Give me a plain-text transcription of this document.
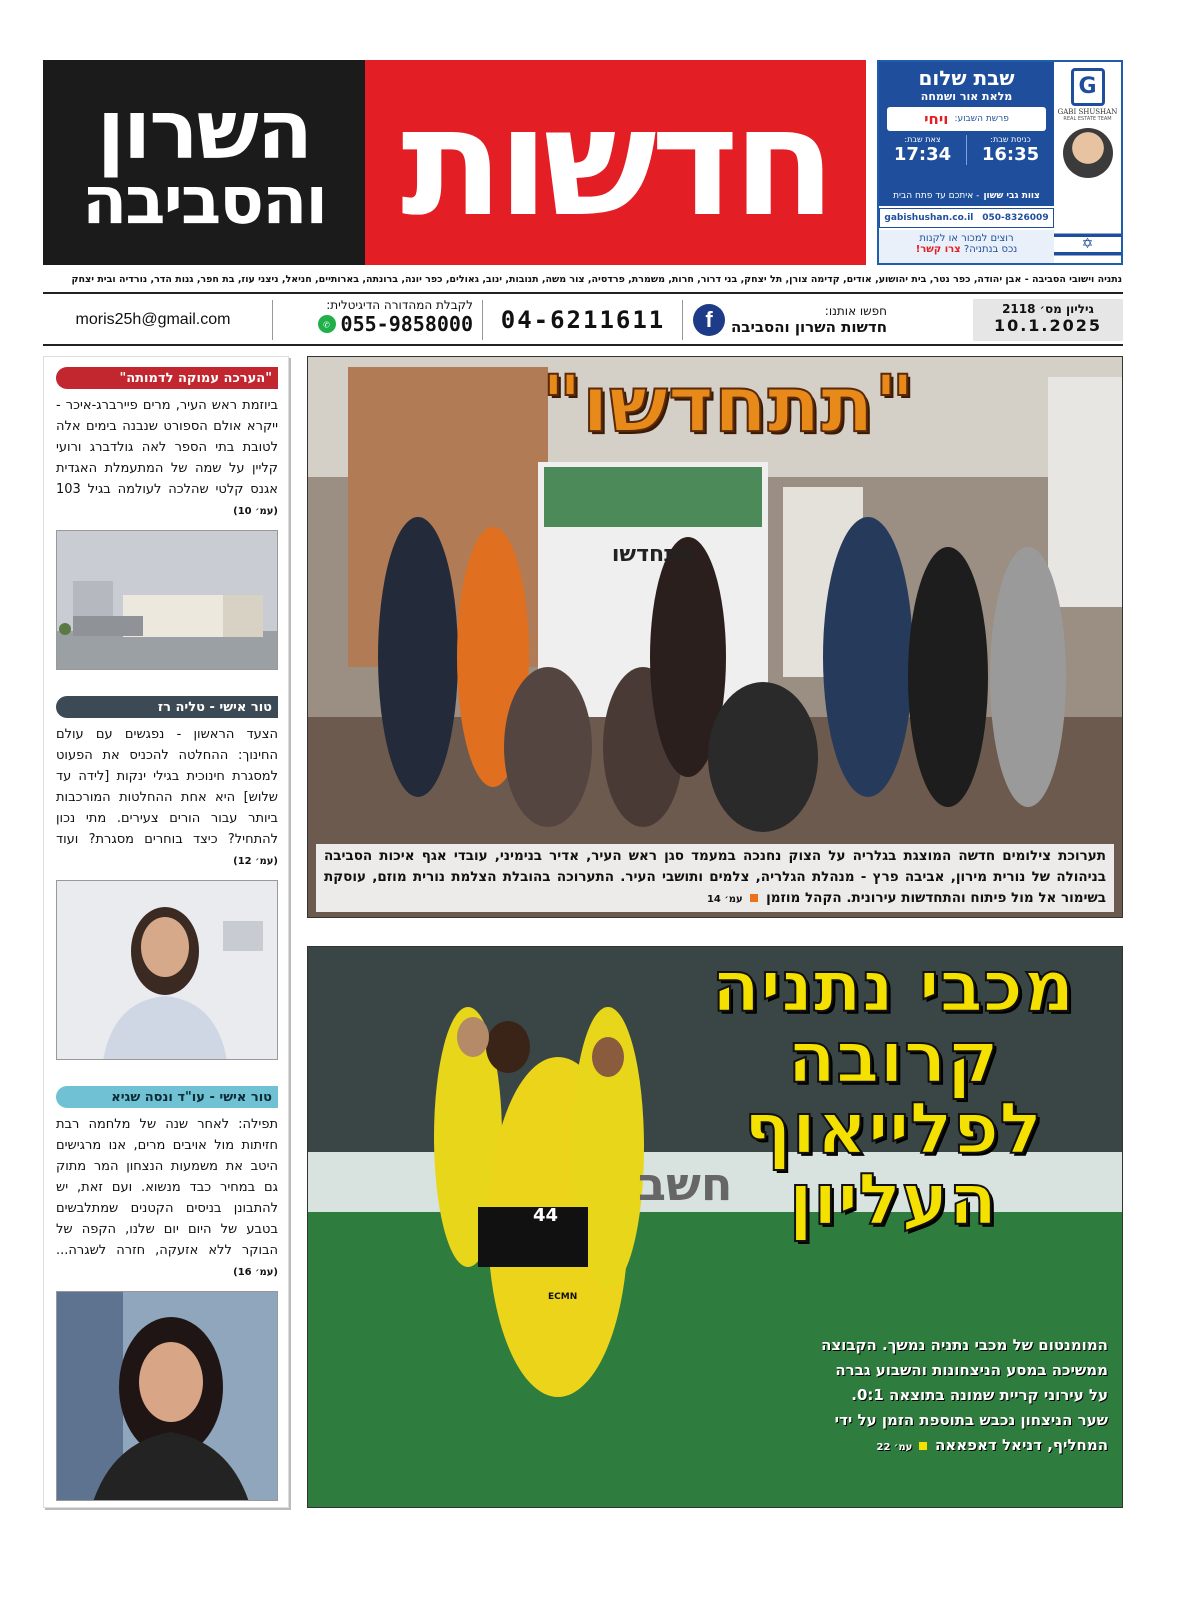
השרון
והסביבה חדשות	שבת שלום
מלאת אור ושמחה
פרשת השבוע:
ויחי
כניסת שבת:
16:35
צאת שבת:
17:34
G
GABI SHUSHAN
REAL ESTATE TEAM
צוות גבי ששון
- איתכם עד פתח הבית
gabishushan.co.il 050-8326009
רוצים למכור או לקנות
נכס בנתניה? צרו קשר!	✡
נתניה וישובי הסביבה - אבן יהודה, כפר נטר, בית יהושוע, אודים, קדימה צורן, תל יצחק, בני דרור, חרות, משמרת, פרדסיה, צור משה, תנובות, ינוב, גאולים, כפר יונה, ברונתה, בארותיים, חניאל, ניצני עוז, בת חפר, גנות הדר, נורדיה ובית יצחק
גיליון מס׳ 2118
10.1.2025
חפשו אותנו:
חדשות השרון והסביבה
f
04-6211611
לקבלת המהדורה הדיגיטלית:
✆ 055-9858000
moris25h@gmail.com
"הערכה עמוקה לדמותה"
ביוזמת ראש העיר, מרים פיירברג-איכר - ייקרא אולם הספורט שנבנה בימים אלה לטובת בתי הספר לאה גולדברג ורועי קליין על שמה של המתעמלת האגדית אגנס קלטי שהלכה לעולמה בגיל 103 (עמ׳ 10)
טור אישי - טליה רז
הצעד הראשון - נפגשים עם עולם החינוך: ההחלטה להכניס את הפעוט למסגרת חינוכית בגילי ינקות [לידה עד שלוש] היא אחת ההחלטות המורכבות ביותר עבור הורים צעירים. מתי נכון להתחיל? כיצד בוחרים מסגרת? ועוד (עמ׳ 12)
טור אישי - עו"ד ונסה שגיא
תפילה: לאחר שנה של מלחמה רבת חזיתות מול אויבים מרים, אנו מרגישים היטב את משמעות הנצחון המר מתוק גם במחיר כבד מנשוא. ועם זאת, יש להתבונן בניסים הקטנים שמתלבשים בטבע של היום יום שלנו, הקפה של הבוקר ללא אזעקה, חזרה לשגרה... (עמ׳ 16)
"תתחדשו"
תתחדשו
תערוכת צילומים חדשה המוצגת בגלריה על הצוק נחנכה במעמד סגן ראש העיר, אדיר בנימיני, עובדי אגף איכות הסביבה בניהולה של נורית מירון, אביבה פרץ - מנהלת הגלריה, צלמים ותושבי העיר. התערוכה בהובלת הצלמת נורית מוזם, עוסקת בשימור אל מול פיתוח והתחדשות עירונית. הקהל מוזמן  עמ׳ 14
44
ECMN
חשב
מכבי נתניה
קרובה
לפלייאוף
העליון
המומנטום של מכבי נתניה נמשך. הקבוצה ממשיכה במסע הניצחונות והשבוע גברה על עירוני קריית שמונה בתוצאה 0:1. שער הניצחון נכבש בתוספת הזמן על ידי המחליף, דניאל דאפאאה  עמ׳ 22
